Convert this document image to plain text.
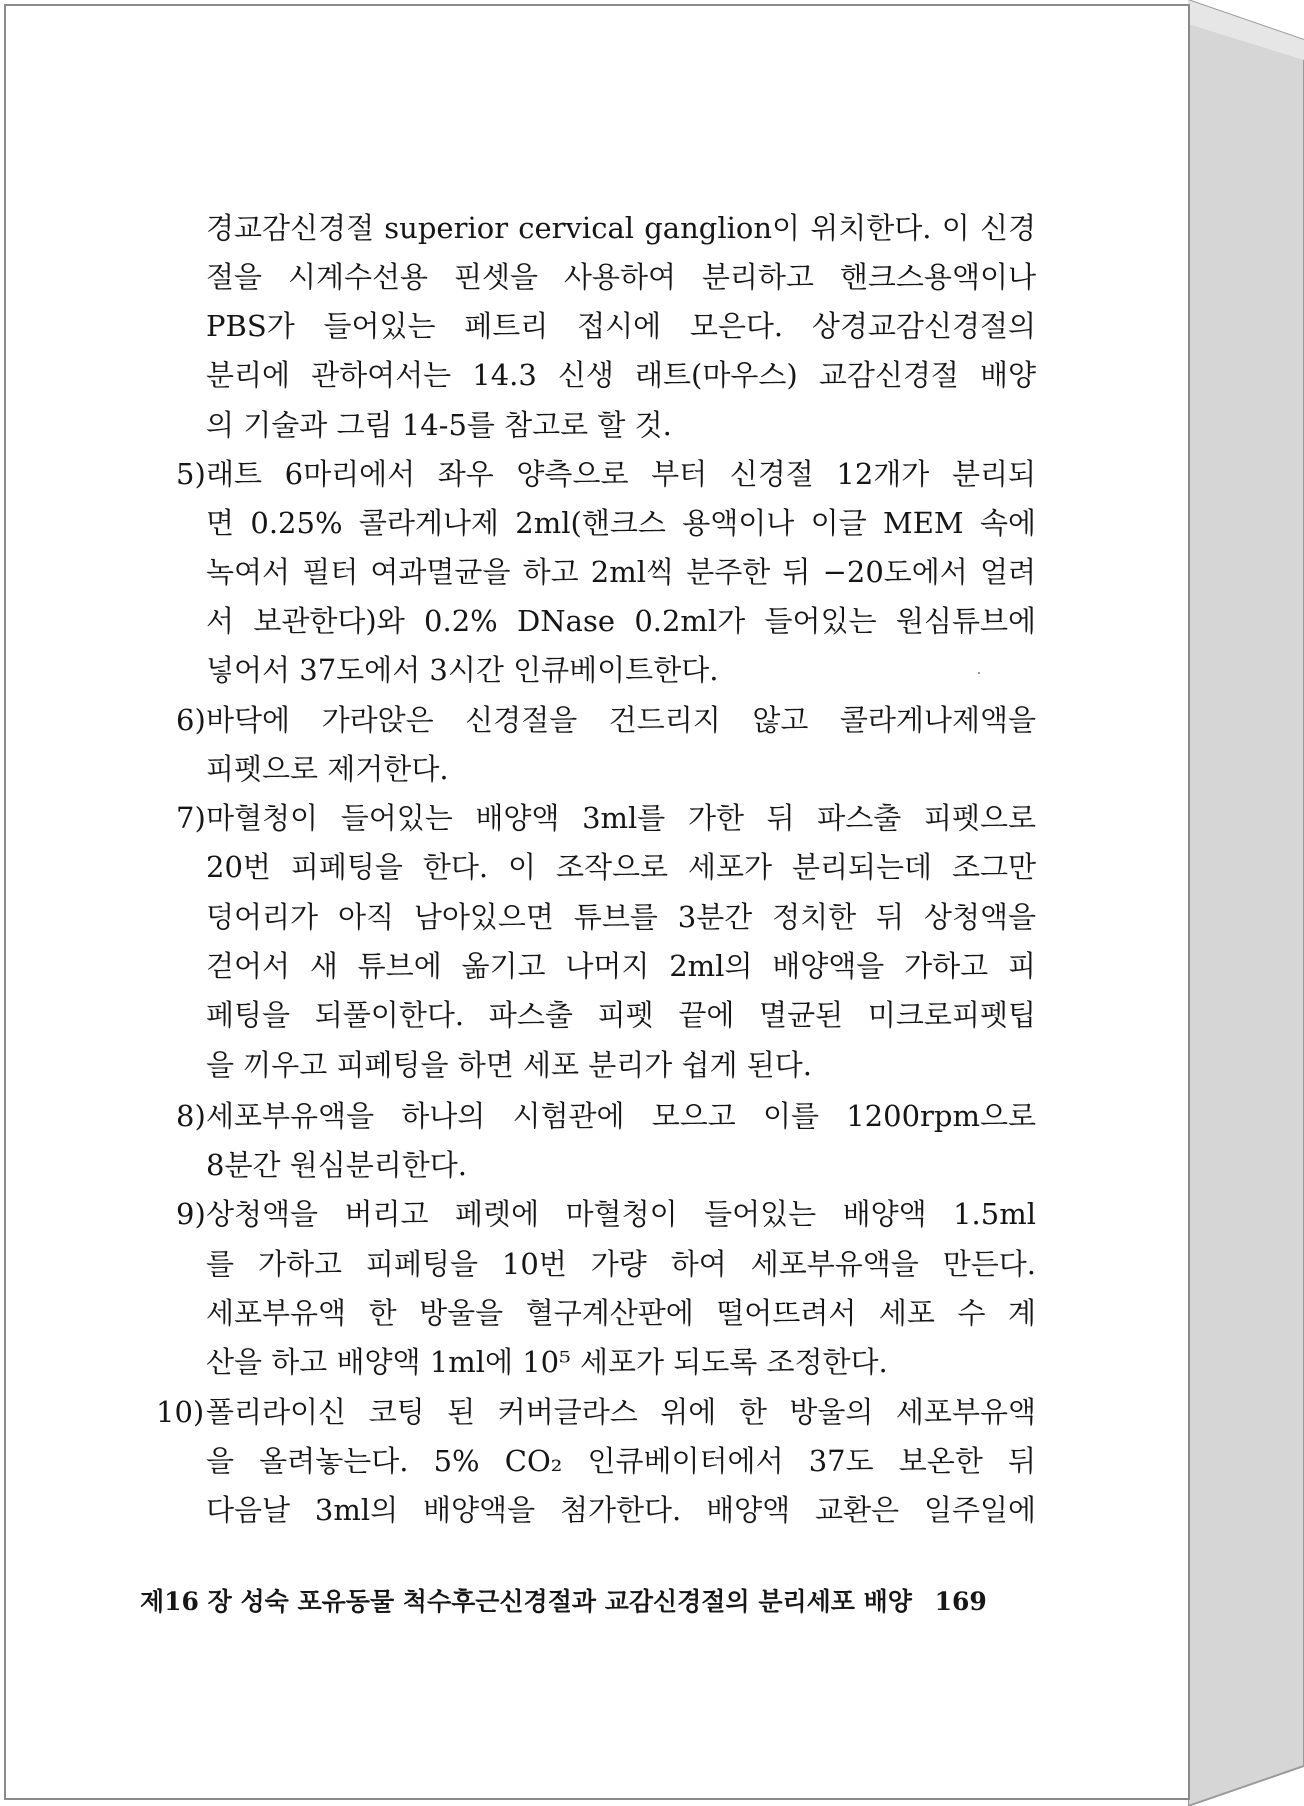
5)
6)
7)
8)
9)
10)
경교감신경절 superior cervical ganglion이 위치한다. 이 신경
절을 시계수선용 핀셋을 사용하여 분리하고 핸크스용액이나
PBS가 들어있는 페트리 접시에 모은다. 상경교감신경절의
분리에 관하여서는 14.3 신생 래트(마우스) 교감신경절 배양
의 기술과 그림 14-5를 참고로 할 것.
래트 6마리에서 좌우 양측으로 부터 신경절 12개가 분리되
면 0.25% 콜라게나제 2ml(핸크스 용액이나 이글 MEM 속에
녹여서 필터 여과멸균을 하고 2ml씩 분주한 뒤 −20도에서 얼려
서 보관한다)와 0.2% DNase 0.2ml가 들어있는 원심튜브에
넣어서 37도에서 3시간 인큐베이트한다.
바닥에 가라앉은 신경절을 건드리지 않고 콜라게나제액을
피펫으로 제거한다.
마혈청이 들어있는 배양액 3ml를 가한 뒤 파스출 피펫으로
20번 피페팅을 한다. 이 조작으로 세포가 분리되는데 조그만
덩어리가 아직 남아있으면 튜브를 3분간 정치한 뒤 상청액을
걷어서 새 튜브에 옮기고 나머지 2ml의 배양액을 가하고 피
페팅을 되풀이한다. 파스출 피펫 끝에 멸균된 미크로피펫팁
을 끼우고 피페팅을 하면 세포 분리가 쉽게 된다.
세포부유액을 하나의 시험관에 모으고 이를 1200rpm으로
8분간 원심분리한다.
상청액을 버리고 페렛에 마혈청이 들어있는 배양액 1.5ml
를 가하고 피페팅을 10번 가량 하여 세포부유액을 만든다.
세포부유액 한 방울을 혈구계산판에 떨어뜨려서 세포 수 계
산을 하고 배양액 1ml에 10⁵ 세포가 되도록 조정한다.
폴리라이신 코팅 된 커버글라스 위에 한 방울의 세포부유액
을 올려놓는다. 5% CO₂ 인큐베이터에서 37도 보온한 뒤
다음날 3ml의 배양액을 첨가한다. 배양액 교환은 일주일에
제16 장 성숙 포유동물 척수후근신경절과 교감신경절의 분리세포 배양 169
